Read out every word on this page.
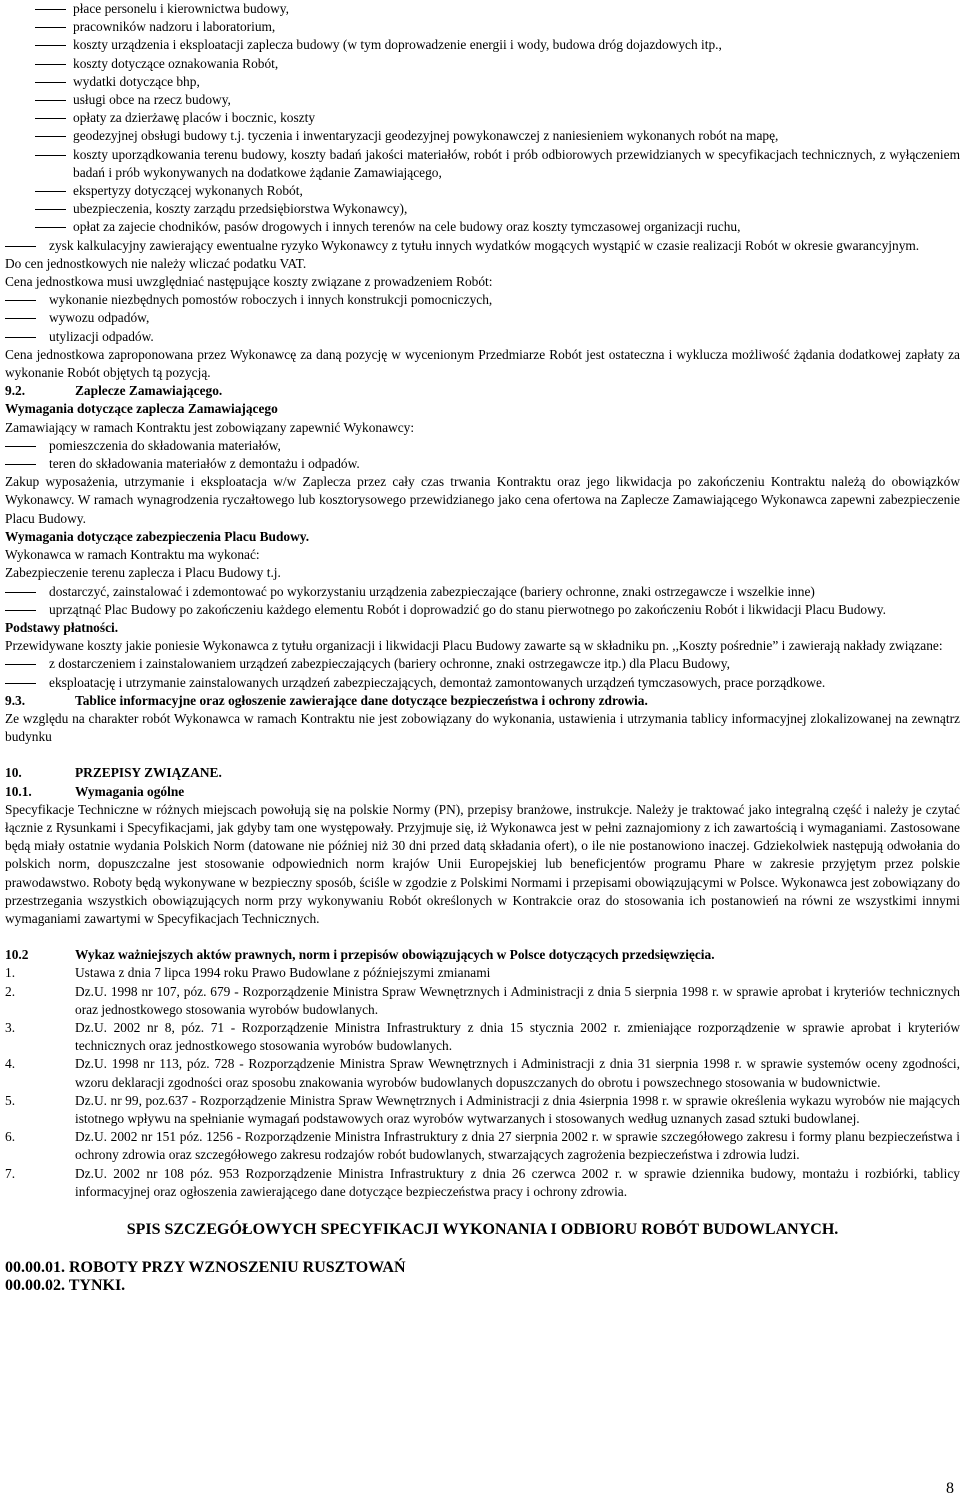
płace personelu i kierownictwa budowy,
pracowników nadzoru i laboratorium,
koszty urządzenia i eksploatacji zaplecza budowy (w tym doprowadzenie energii i wody, budowa dróg dojazdowych itp.,
koszty dotyczące oznakowania Robót,
wydatki dotyczące bhp,
usługi obce na rzecz budowy,
opłaty za dzierżawę placów i bocznic, koszty
geodezyjnej obsługi budowy t.j. tyczenia i inwentaryzacji geodezyjnej powykonawczej z naniesieniem wykonanych robót na mapę,
koszty uporządkowania terenu budowy, koszty badań jakości materiałów, robót i prób odbiorowych przewidzianych w specyfikacjach technicznych, z wyłączeniem badań i prób wykonywanych na dodatkowe żądanie Zamawiającego,
ekspertyzy dotyczącej wykonanych Robót,
ubezpieczenia, koszty zarządu przedsiębiorstwa Wykonawcy),
opłat za zajecie chodników, pasów drogowych i innych terenów na cele budowy oraz koszty tymczasowej organizacji ruchu,
zysk kalkulacyjny zawierający ewentualne ryzyko Wykonawcy z tytułu innych wydatków mogących wystąpić w czasie realizacji Robót w okresie gwarancyjnym.

Do cen jednostkowych nie należy wliczać podatku VAT.

Cena jednostkowa musi uwzględniać następujące koszty związane z prowadzeniem Robót:

wykonanie niezbędnych pomostów roboczych i innych konstrukcji pomocniczych,
wywozu odpadów,
utylizacji odpadów.

Cena jednostkowa zaproponowana przez Wykonawcę za daną pozycję w wycenionym Przedmiarze Robót jest ostateczna i wyklucza możliwość żądania dodatkowej zapłaty za wykonanie Robót objętych tą pozycją.

9.2.	Zaplecze Zamawiającego.

Wymagania dotyczące zaplecza Zamawiającego

Zamawiający w ramach Kontraktu jest zobowiązany zapewnić Wykonawcy:

pomieszczenia do składowania materiałów,
teren do składowania materiałów z demontażu i odpadów.

Zakup wyposażenia, utrzymanie i eksploatacja w/w Zaplecza przez cały czas trwania Kontraktu oraz jego likwidacja po zakończeniu Kontraktu należą do obowiązków Wykonawcy. W ramach wynagrodzenia ryczałtowego lub kosztorysowego przewidzianego jako cena ofertowa na Zaplecze Zamawiającego Wykonawca zapewni zabezpieczenie Placu Budowy.

Wymagania dotyczące zabezpieczenia Placu Budowy.

Wykonawca w ramach Kontraktu ma wykonać:

Zabezpieczenie terenu zaplecza i Placu Budowy t.j.

dostarczyć, zainstalować i zdemontować po wykorzystaniu urządzenia zabezpieczające (bariery ochronne, znaki ostrzegawcze i wszelkie inne)
uprzątnąć Plac Budowy po zakończeniu każdego elementu Robót i doprowadzić go do stanu pierwotnego po zakończeniu Robót i likwidacji Placu Budowy.

Podstawy płatności.

Przewidywane koszty jakie poniesie Wykonawca z tytułu organizacji i likwidacji Placu Budowy zawarte są w składniku pn. ,,Koszty pośrednie” i zawierają nakłady związane:

z dostarczeniem i zainstalowaniem urządzeń zabezpieczających (bariery ochronne, znaki ostrzegawcze itp.) dla Placu Budowy,
eksploatację i utrzymanie zainstalowanych urządzeń zabezpieczających, demontaż zamontowanych urządzeń tymczasowych, prace porządkowe.
9.3.	Tablice informacyjne oraz ogłoszenie zawierające dane dotyczące bezpieczeństwa i ochrony zdrowia.

Ze względu na charakter robót Wykonawca w ramach Kontraktu nie jest zobowiązany do wykonania, ustawienia i utrzymania tablicy informacyjnej zlokalizowanej na zewnątrz budynku

10.	PRZEPISY ZWIĄZANE.
10.1.	Wymagania ogólne

Specyfikacje Techniczne w różnych miejscach powołują się na polskie Normy (PN), przepisy branżowe, instrukcje. Należy je traktować jako integralną część i należy je czytać łącznie z Rysunkami i Specyfikacjami, jak gdyby tam one występowały. Przyjmuje się, iż Wykonawca jest w pełni zaznajomiony z ich zawartością i wymaganiami. Zastosowane będą miały ostatnie wydania Polskich Norm (datowane nie później niż 30 dni przed datą składania ofert), o ile nie postanowiono inaczej. Gdziekolwiek następują odwołania do polskich norm, dopuszczalne jest stosowanie odpowiednich norm krajów Unii Europejskiej lub beneficjentów programu Phare w zakresie przyjętym przez polskie prawodawstwo. Roboty będą wykonywane w bezpieczny sposób, ściśle w zgodzie z Polskimi Normami i przepisami obowiązującymi w Polsce. Wykonawca jest zobowiązany do przestrzegania wszystkich obowiązujących norm przy wykonywaniu Robót określonych w Kontrakcie oraz do stosowania ich postanowień na równi ze wszystkimi innymi wymaganiami zawartymi w Specyfikacjach Technicznych.

10.2	Wykaz ważniejszych aktów prawnych, norm i przepisów obowiązujących w Polsce dotyczących przedsięwzięcia.
1.	Ustawa z dnia 7 lipca 1994 roku Prawo Budowlane z późniejszymi zmianami
2.	Dz.U. 1998 nr 107, póz. 679 - Rozporządzenie Ministra Spraw Wewnętrznych i Administracji z dnia 5 sierpnia 1998 r. w sprawie aprobat i kryteriów technicznych oraz jednostkowego stosowania wyrobów budowlanych.
3.	Dz.U. 2002 nr 8, póz. 71 - Rozporządzenie Ministra Infrastruktury z dnia 15 stycznia 2002 r. zmieniające rozporządzenie w sprawie aprobat i kryteriów technicznych oraz jednostkowego stosowania wyrobów budowlanych.
4.	Dz.U. 1998 nr 113, póz. 728 - Rozporządzenie Ministra Spraw Wewnętrznych i Administracji z dnia 31 sierpnia 1998 r. w sprawie systemów oceny zgodności, wzoru deklaracji zgodności oraz sposobu znakowania wyrobów budowlanych dopuszczanych do obrotu i powszechnego stosowania w budownictwie.
5.	Dz.U. nr 99, poz.637 - Rozporządzenie Ministra Spraw Wewnętrznych i Administracji z dnia 4sierpnia 1998 r. w sprawie określenia wykazu wyrobów nie mających istotnego wpływu na spełnianie wymagań podstawowych oraz wyrobów wytwarzanych i stosowanych według uznanych zasad sztuki budowlanej.
6.	Dz.U. 2002 nr 151 póz. 1256 - Rozporządzenie Ministra Infrastruktury z dnia 27 sierpnia 2002 r. w sprawie szczegółowego zakresu i formy planu bezpieczeństwa i ochrony zdrowia oraz szczegółowego zakresu rodzajów robót budowlanych, stwarzających zagrożenia bezpieczeństwa i zdrowia ludzi.
7.	Dz.U. 2002 nr 108 póz. 953 Rozporządzenie Ministra Infrastruktury z dnia 26 czerwca 2002 r. w sprawie dziennika budowy, montażu i rozbiórki, tablicy informacyjnej oraz ogłoszenia zawierającego dane dotyczące bezpieczeństwa pracy i ochrony zdrowia.

SPIS SZCZEGÓŁOWYCH SPECYFIKACJI WYKONANIA I ODBIORU ROBÓT BUDOWLANYCH.

00.00.01. ROBOTY PRZY WZNOSZENIU RUSZTOWAŃ

00.00.02. TYNKI.

8
